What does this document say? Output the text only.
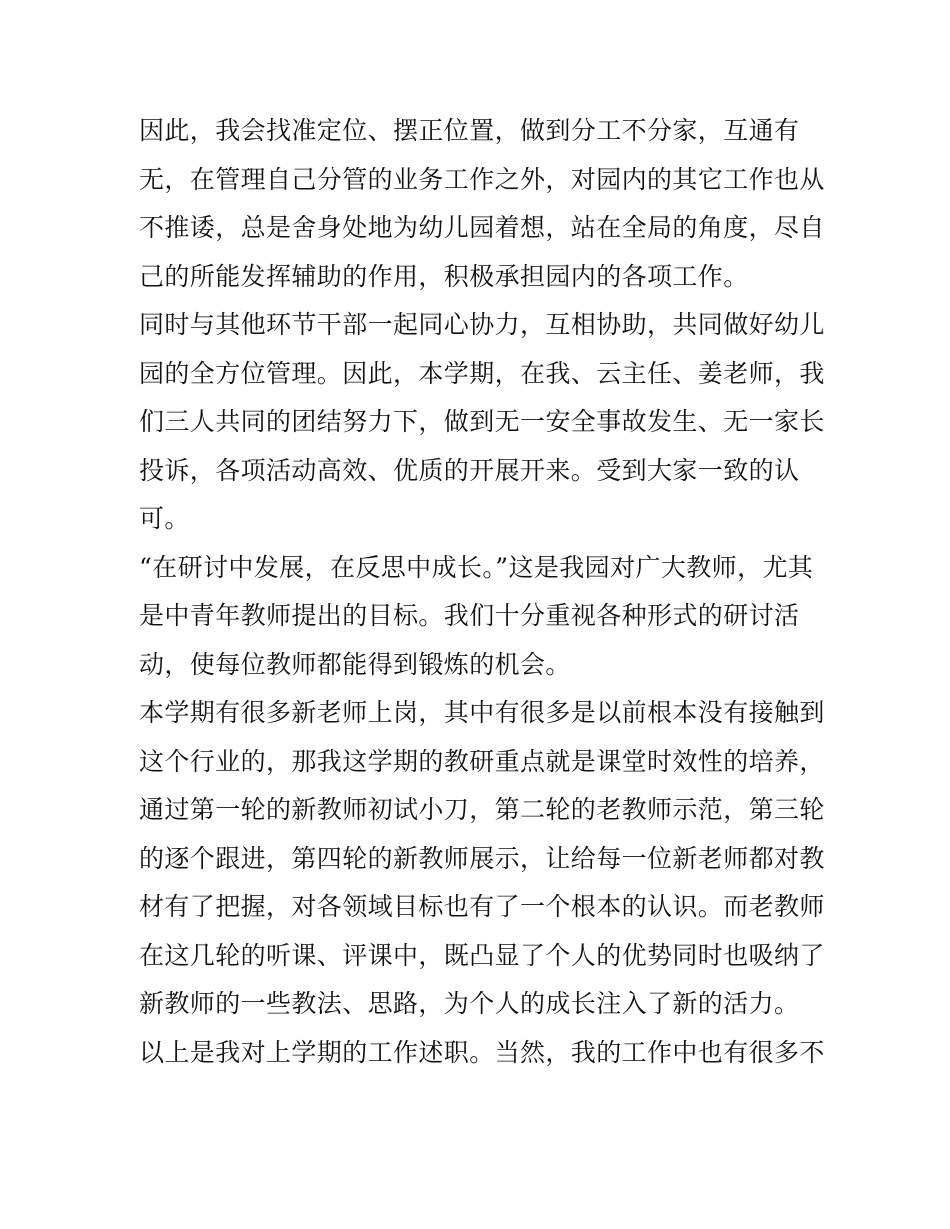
因此，我会找准定位、摆正位置，做到分工不分家，互通有
无，在管理自己分管的业务工作之外，对园内的其它工作也从
不推诿，总是舍身处地为幼儿园着想，站在全局的角度，尽自
己的所能发挥辅助的作用，积极承担园内的各项工作。
同时与其他环节干部一起同心协力，互相协助，共同做好幼儿
园的全方位管理。因此，本学期，在我、云主任、姜老师，我
们三人共同的团结努力下，做到无一安全事故发生、无一家长
投诉，各项活动高效、优质的开展开来。受到大家一致的认
可。
“在研讨中发展，在反思中成长。”这是我园对广大教师，尤其
是中青年教师提出的目标。我们十分重视各种形式的研讨活
动，使每位教师都能得到锻炼的机会。
本学期有很多新老师上岗，其中有很多是以前根本没有接触到
这个行业的，那我这学期的教研重点就是课堂时效性的培养，
通过第一轮的新教师初试小刀，第二轮的老教师示范，第三轮
的逐个跟进，第四轮的新教师展示，让给每一位新老师都对教
材有了把握，对各领域目标也有了一个根本的认识。而老教师
在这几轮的听课、评课中，既凸显了个人的优势同时也吸纳了
新教师的一些教法、思路，为个人的成长注入了新的活力。
以上是我对上学期的工作述职。当然，我的工作中也有很多不
